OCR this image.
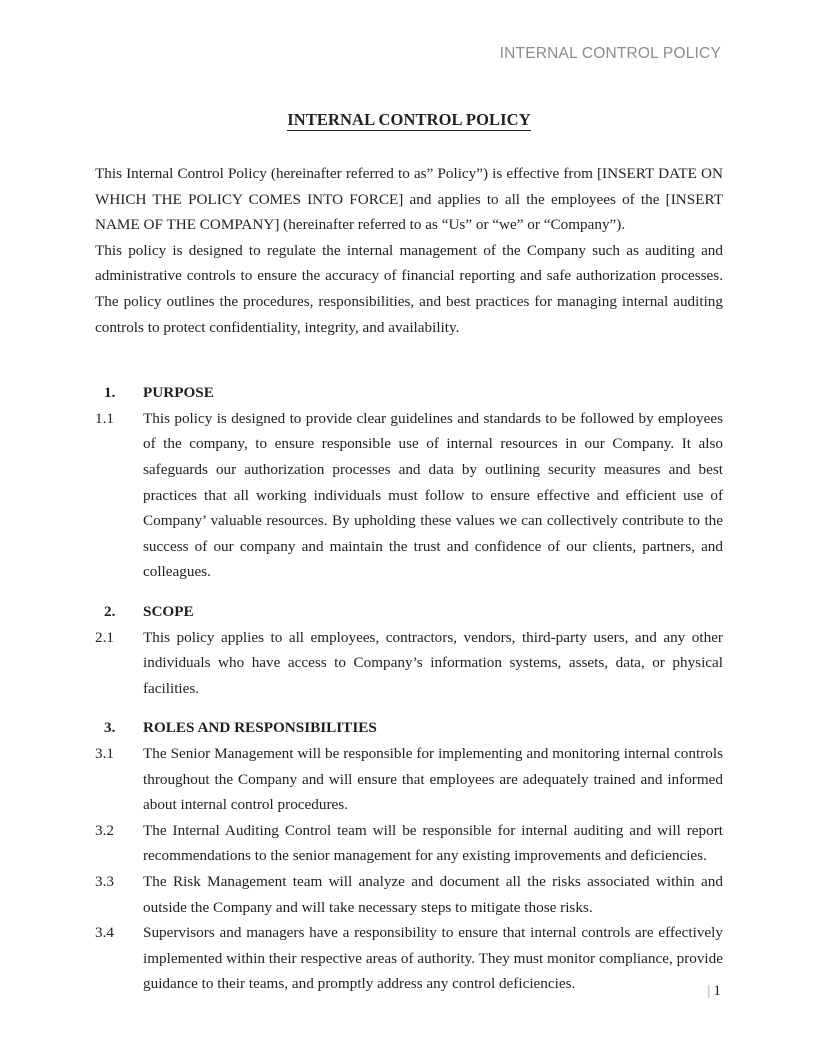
INTERNAL CONTROL POLICY
INTERNAL CONTROL POLICY

This Internal Control Policy (hereinafter referred to as” Policy”) is effective from [INSERT DATE ON WHICH THE POLICY COMES INTO FORCE] and applies to all the employees of the [INSERT NAME OF THE COMPANY] (hereinafter referred to as “Us” or “we” or “Company”).

This policy is designed to regulate the internal management of the Company such as auditing and administrative controls to ensure the accuracy of financial reporting and safe authorization processes. The policy outlines the procedures, responsibilities, and best practices for managing internal auditing controls to protect confidentiality, integrity, and availability.

1.	PURPOSE
1.1	This policy is designed to provide clear guidelines and standards to be followed by employees of the company, to ensure responsible use of internal resources in our Company. It also safeguards our authorization processes and data by outlining security measures and best practices that all working individuals must follow to ensure effective and efficient use of Company’ valuable resources. By upholding these values we can collectively contribute to the success of our company and maintain the trust and confidence of our clients, partners, and colleagues.
2.	SCOPE
2.1	This policy applies to all employees, contractors, vendors, third-party users, and any other individuals who have access to Company’s information systems, assets, data, or physical facilities.
3.	ROLES AND RESPONSIBILITIES
3.1	The Senior Management will be responsible for implementing and monitoring internal controls throughout the Company and will ensure that employees are adequately trained and informed about internal control procedures.
3.2	The Internal Auditing Control team will be responsible for internal auditing and will report recommendations to the senior management for any existing improvements and deficiencies.
3.3	The Risk Management team will analyze and document all the risks associated within and outside the Company and will take necessary steps to mitigate those risks.
3.4	Supervisors and managers have a responsibility to ensure that internal controls are effectively implemented within their respective areas of authority. They must monitor compliance, provide guidance to their teams, and promptly address any control deficiencies.	| 1
